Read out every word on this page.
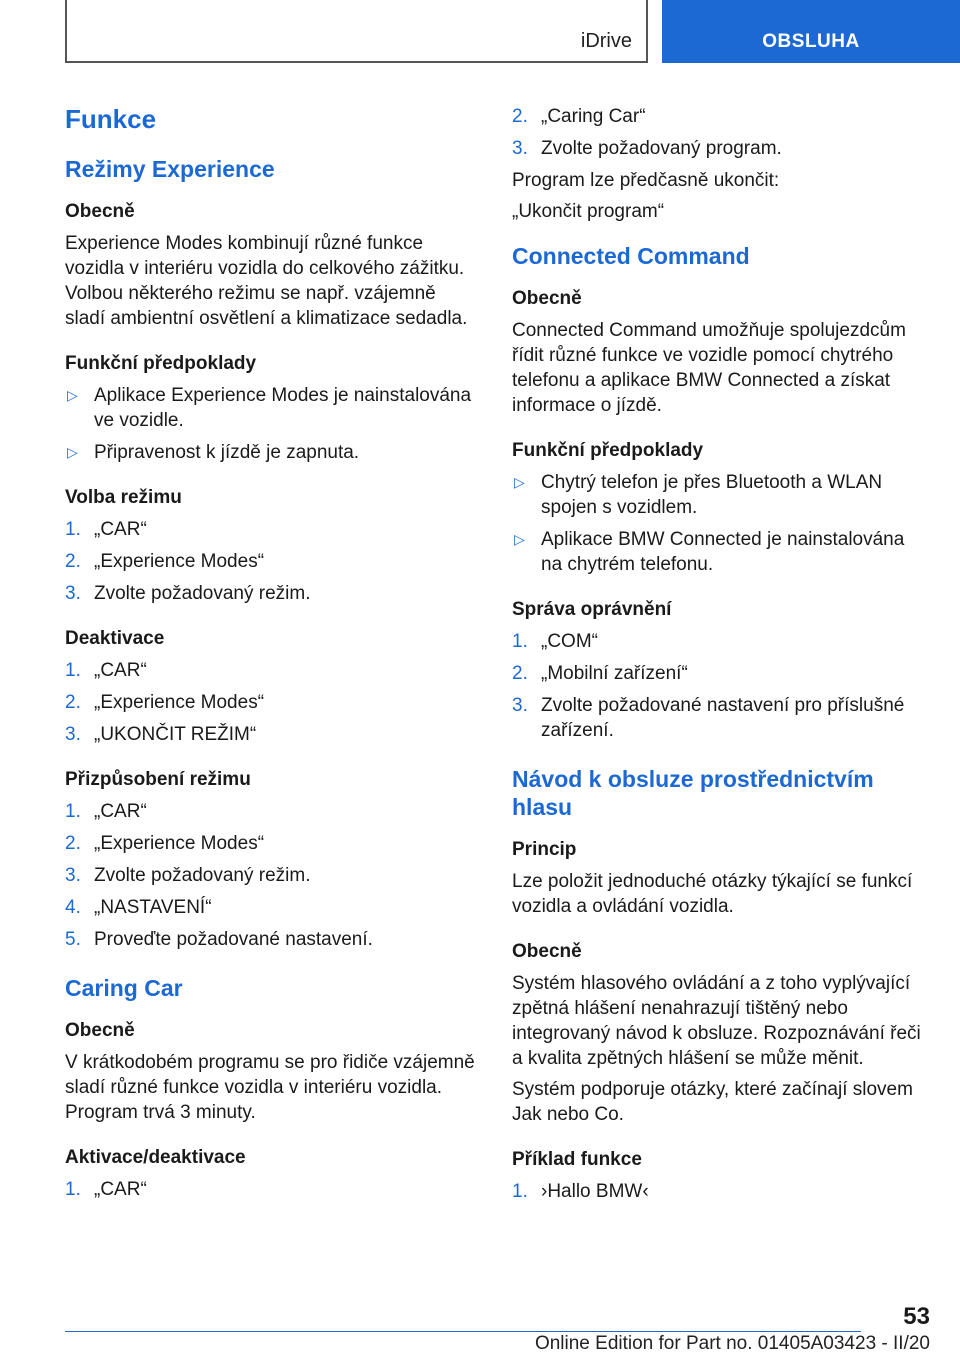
iDrive	OBSLUHA
Funkce
Režimy Experience
Obecně
Experience Modes kombinují různé funkce vozidla v interiéru vozidla do celkového zážitku. Volbou některého režimu se např. vzájemně sladí ambientní osvětlení a klimatizace sedadla.
Funkční předpoklady
▷ Aplikace Experience Modes je nainstalována ve vozidle.
▷ Připravenost k jízdě je zapnuta.
Volba režimu
1. „CAR“
2. „Experience Modes“
3. Zvolte požadovaný režim.
Deaktivace
1. „CAR“
2. „Experience Modes“
3. „UKONČIT REŽIM“
Přizpůsobení režimu
1. „CAR“
2. „Experience Modes“
3. Zvolte požadovaný režim.
4. „NASTAVENÍ“
5. Proveďte požadované nastavení.
Caring Car
Obecně
V krátkodobém programu se pro řidiče vzájemně sladí různé funkce vozidla v interiéru vozidla. Program trvá 3 minuty.
Aktivace/deaktivace
1. „CAR“
2. „Caring Car“
3. Zvolte požadovaný program.
Program lze předčasně ukončit:
„Ukončit program“
Connected Command
Obecně
Connected Command umožňuje spolujezdcům řídit různé funkce ve vozidle pomocí chytrého telefonu a aplikace BMW Connected a získat informace o jízdě.
Funkční předpoklady
▷ Chytrý telefon je přes Bluetooth a WLAN spojen s vozidlem.
▷ Aplikace BMW Connected je nainstalována na chytrém telefonu.
Správa oprávnění
1. „COM“
2. „Mobilní zařízení“
3. Zvolte požadované nastavení pro příslušné zařízení.
Návod k obsluze prostřednictvím hlasu
Princip
Lze položit jednoduché otázky týkající se funkcí vozidla a ovládání vozidla.
Obecně
Systém hlasového ovládání a z toho vyplývající zpětná hlášení nenahrazují tištěný nebo integrovaný návod k obsluze. Rozpoznávání řeči a kvalita zpětných hlášení se může měnit.
Systém podporuje otázky, které začínají slovem Jak nebo Co.
Příklad funkce
1. ›Hallo BMW‹
53
Online Edition for Part no. 01405A03423 - II/20
